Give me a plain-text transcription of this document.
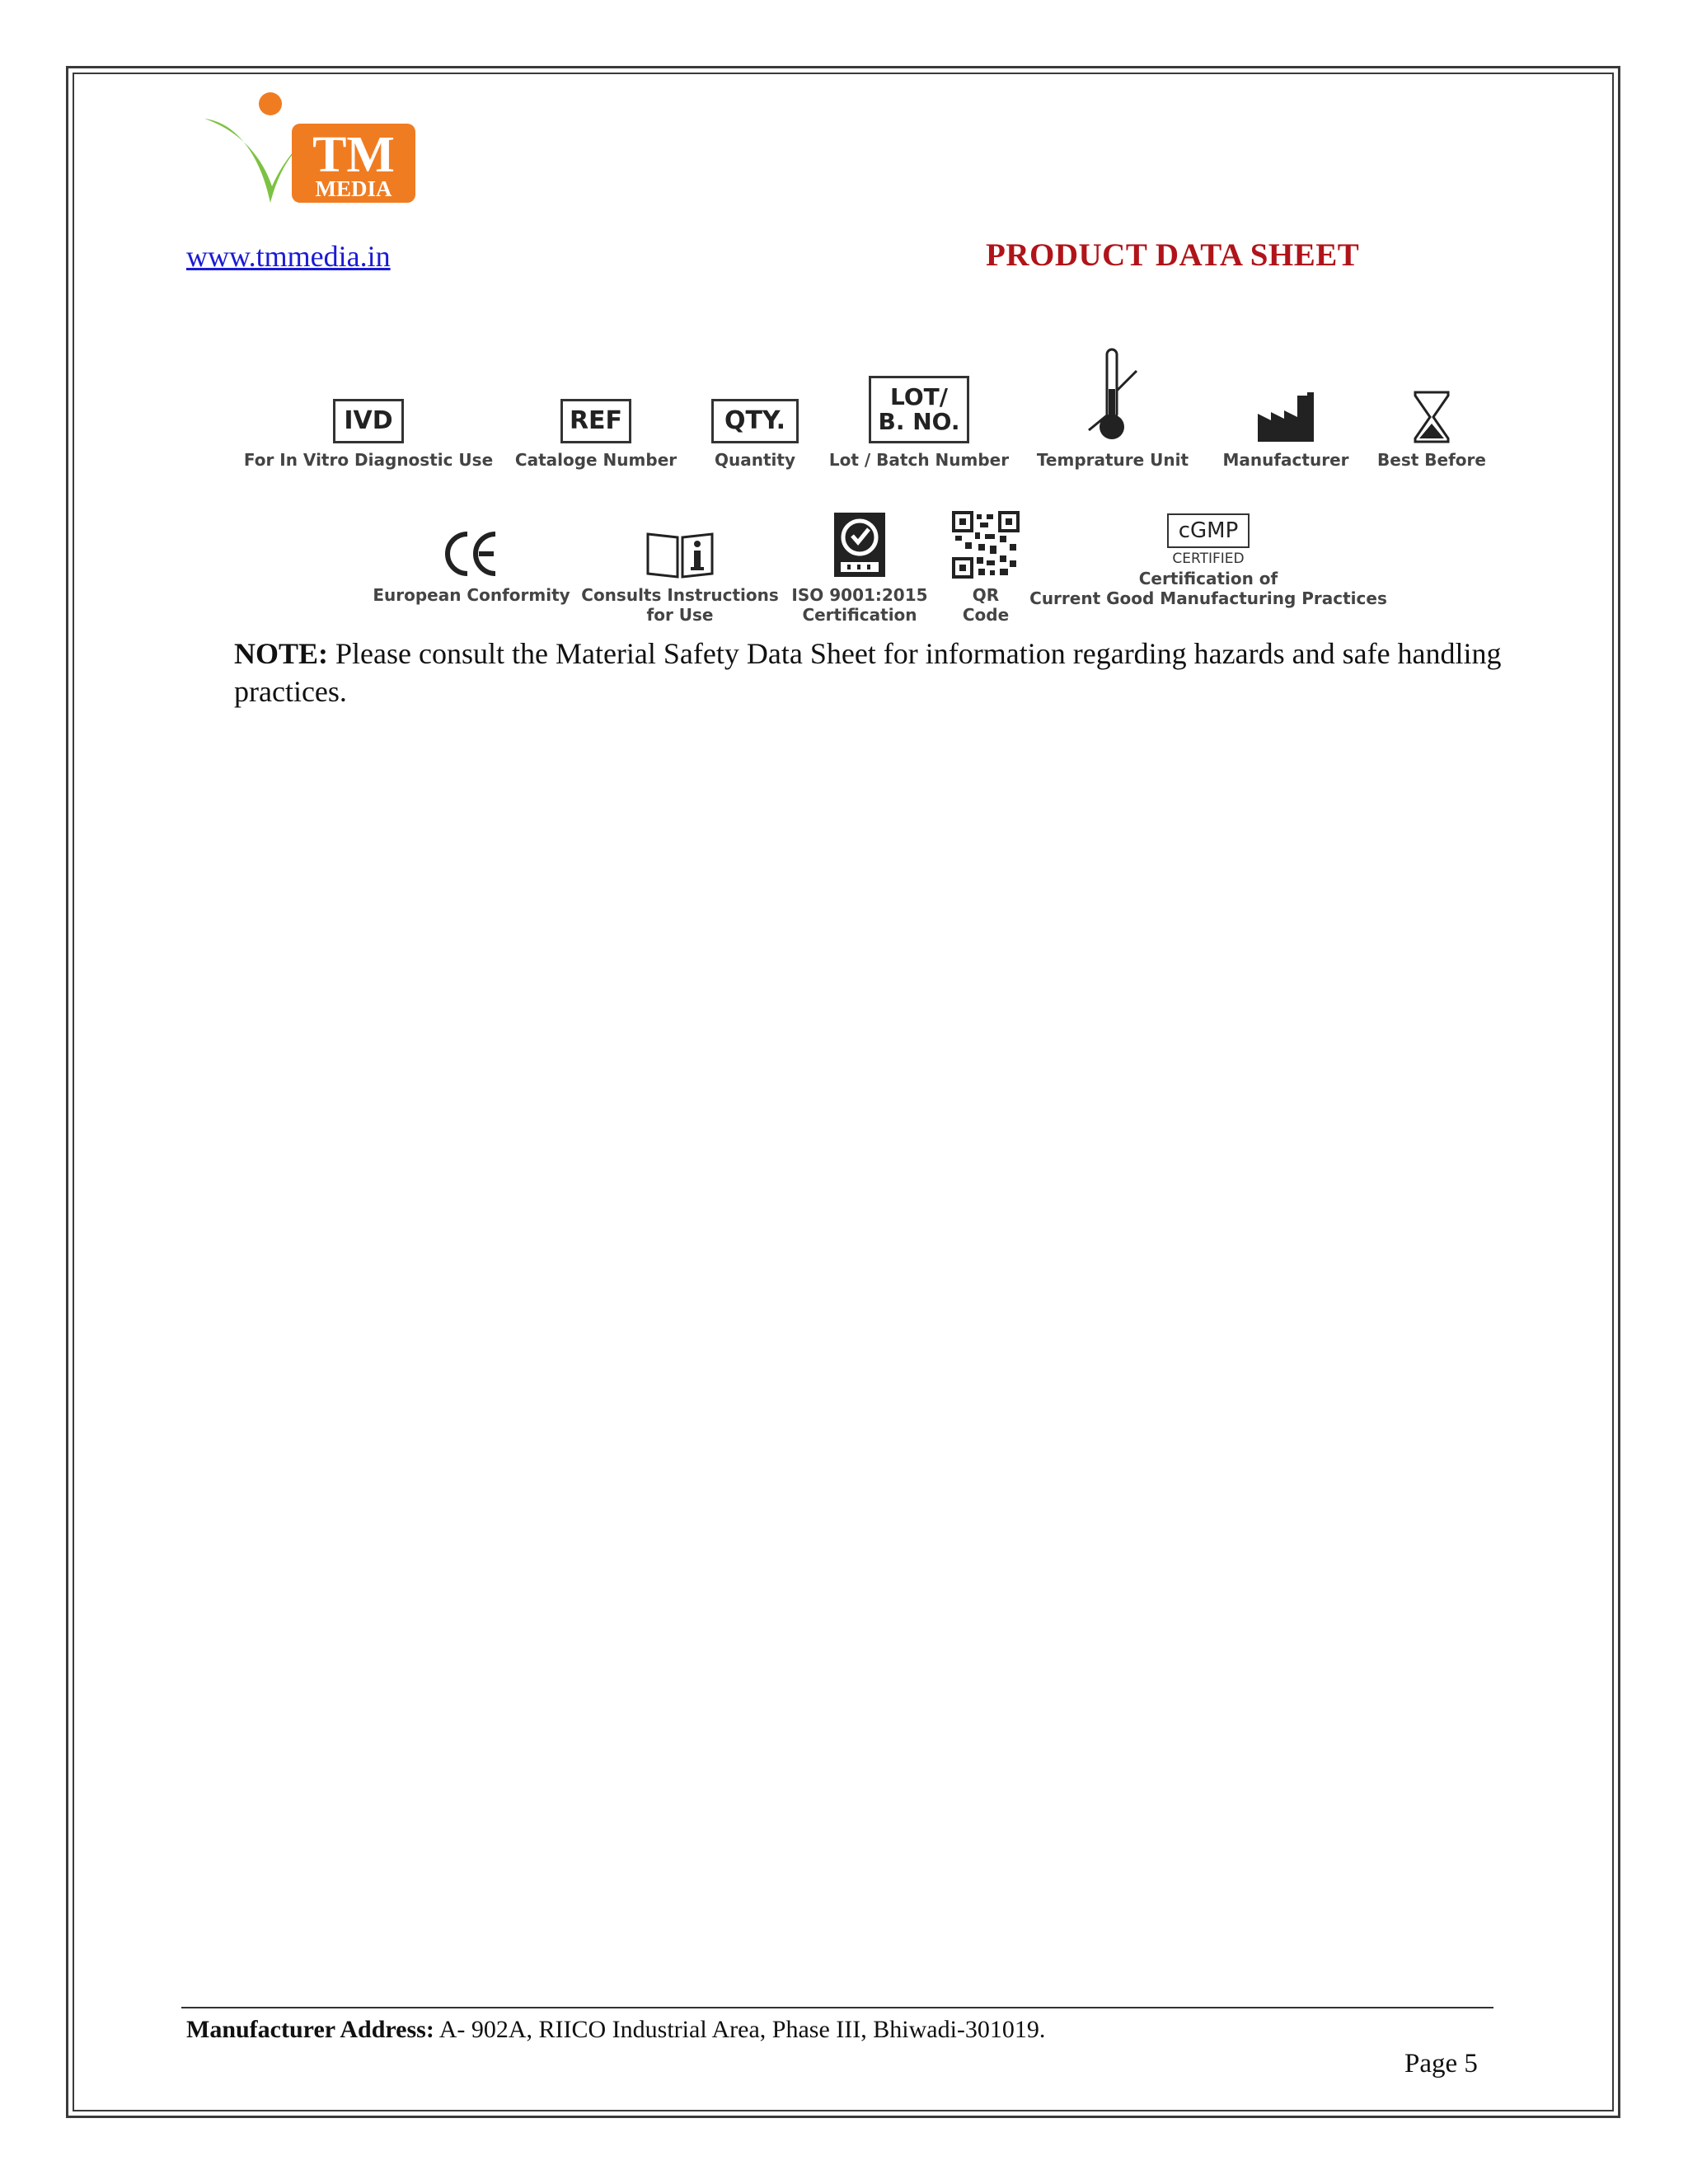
TM
MEDIA
www.tmmedia.in	PRODUCT DATA SHEET
IVD
For In Vitro Diagnostic Use
REF
Cataloge Number
QTY.
Quantity
LOT/
B. NO.
Lot / Batch Number Temprature Unit Manufacturer Best Before
European Conformity Consults Instructions
for Use
ISO 9001:2015
Certification
QR
Code
cGMP
CERTIFIED
Certification of
Current Good Manufacturing Practices
NOTE: Please consult the Material Safety Data Sheet for information regarding hazards and safe handling practices.
Manufacturer Address: A- 902A, RIICO Industrial Area, Phase III, Bhiwadi-301019.
Page 5
